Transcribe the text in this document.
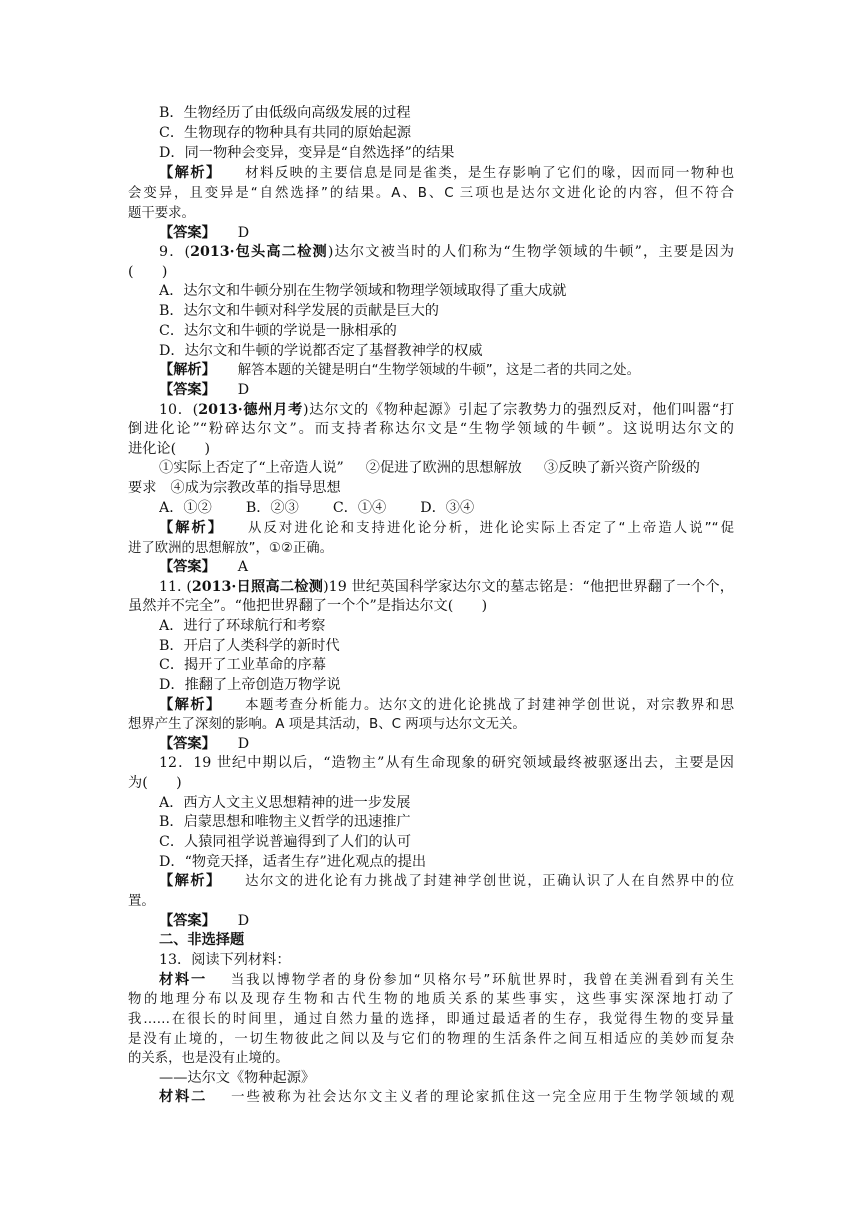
B．生物经历了由低级向高级发展的过程
C．生物现存的物种具有共同的原始起源
D．同一物种会变异，变异是“自然选择”的结果
【解析】 材料反映的主要信息是同是雀类，是生存影响了它们的喙，因而同一物种也
会变异，且变异是“自然选择”的结果。A、B、C 三项也是达尔文进化论的内容，但不符合
题干要求。
【答案】 D
9．(2013·包头高二检测)达尔文被当时的人们称为“生物学领域的牛顿”，主要是因为
(　　)
A．达尔文和牛顿分别在生物学领域和物理学领域取得了重大成就
B．达尔文和牛顿对科学发展的贡献是巨大的
C．达尔文和牛顿的学说是一脉相承的
D．达尔文和牛顿的学说都否定了基督教神学的权威
【解析】 解答本题的关键是明白“生物学领域的牛顿”，这是二者的共同之处。
【答案】 D
10．(2013·德州月考)达尔文的《物种起源》引起了宗教势力的强烈反对，他们叫嚣“打
倒进化论”“粉碎达尔文”。而支持者称达尔文是“生物学领域的牛顿”。这说明达尔文的
进化论(　　)
①实际上否定了“上帝造人说” ②促进了欧洲的思想解放 ③反映了新兴资产阶级的
要求 ④成为宗教改革的指导思想
A．①② B．②③ C．①④ D．③④
【解析】 从反对进化论和支持进化论分析，进化论实际上否定了“上帝造人说”“促
进了欧洲的思想解放”，①②正确。
【答案】 A
11. (2013·日照高二检测)19 世纪英国科学家达尔文的墓志铭是：“他把世界翻了一个个，
虽然并不完全”。“他把世界翻了一个个”是指达尔文(　　)
A．进行了环球航行和考察
B．开启了人类科学的新时代
C．揭开了工业革命的序幕
D．推翻了上帝创造万物学说
【解析】 本题考查分析能力。达尔文的进化论挑战了封建神学创世说，对宗教界和思
想界产生了深刻的影响。A 项是其活动，B、C 两项与达尔文无关。
【答案】 D
12．19 世纪中期以后，“造物主”从有生命现象的研究领域最终被驱逐出去，主要是因
为(　　)
A．西方人文主义思想精神的进一步发展
B．启蒙思想和唯物主义哲学的迅速推广
C．人猿同祖学说普遍得到了人们的认可
D．“物竞天择，适者生存”进化观点的提出
【解析】 达尔文的进化论有力挑战了封建神学创世说，正确认识了人在自然界中的位
置。
【答案】 D
二、非选择题
13．阅读下列材料：
材料一 当我以博物学者的身份参加“贝格尔号”环航世界时，我曾在美洲看到有关生
物的地理分布以及现存生物和古代生物的地质关系的某些事实，这些事实深深地打动了
我……在很长的时间里，通过自然力量的选择，即通过最适者的生存，我觉得生物的变异量
是没有止境的，一切生物彼此之间以及与它们的物理的生活条件之间互相适应的美妙而复杂
的关系，也是没有止境的。
——达尔文《物种起源》
材料二 一些被称为社会达尔文主义者的理论家抓住这一完全应用于生物学领域的观
